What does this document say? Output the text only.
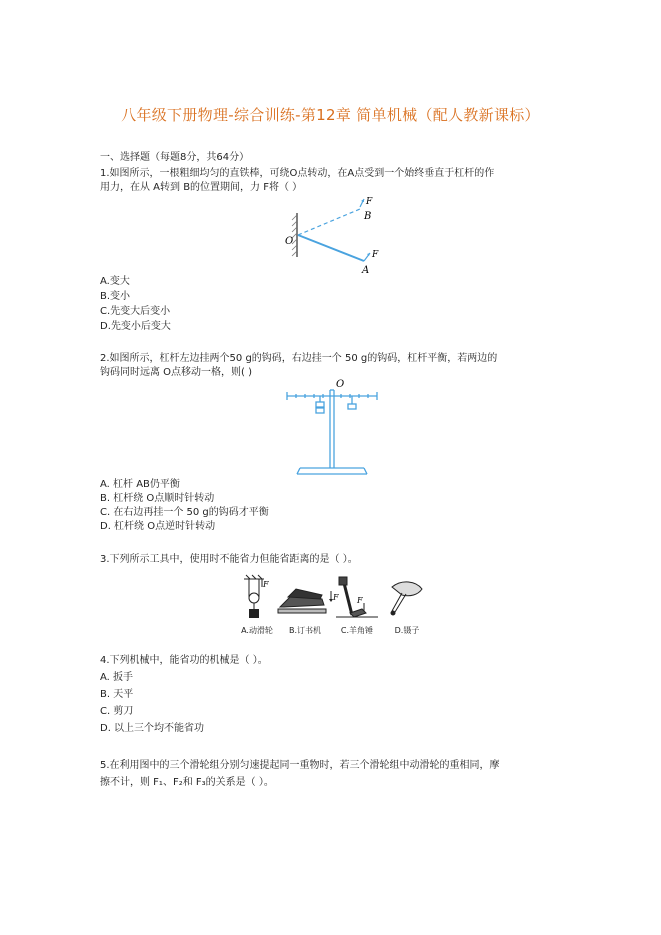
八年级下册物理-综合训练-第12章 简单机械（配人教新课标）
一、选择题（每题8分，共64分）
1.如图所示，一根粗细均匀的直铁棒，可绕O点转动，在A点受到一个始终垂直于杠杆的作
用力，在从 A转到 B的位置期间，力 F将（ ）
O
A
B
F
F
A.变大
B.变小
C.先变大后变小
D.先变小后变大
2.如图所示，杠杆左边挂两个50 g的钩码，右边挂一个 50 g的钩码，杠杆平衡，若两边的
钩码同时远离 O点移动一格，则( )
O
A. 杠杆 AB仍平衡
B. 杠杆绕 O点顺时针转动
C. 在右边再挂一个 50 g的钩码才平衡
D. 杠杆绕 O点逆时针转动
3.下列所示工具中，使用时不能省力但能省距离的是（ ）。
F
F F
A.动滑轮	B.订书机	C.羊角锤	D.镊子
4.下列机械中，能省功的机械是（ ）。
A. 扳手
B. 天平
C. 剪刀
D. 以上三个均不能省功
5.在利用图中的三个滑轮组分别匀速提起同一重物时，若三个滑轮组中动滑轮的重相同，摩
擦不计，则 F₁、F₂和 F₃的关系是（ ）。
